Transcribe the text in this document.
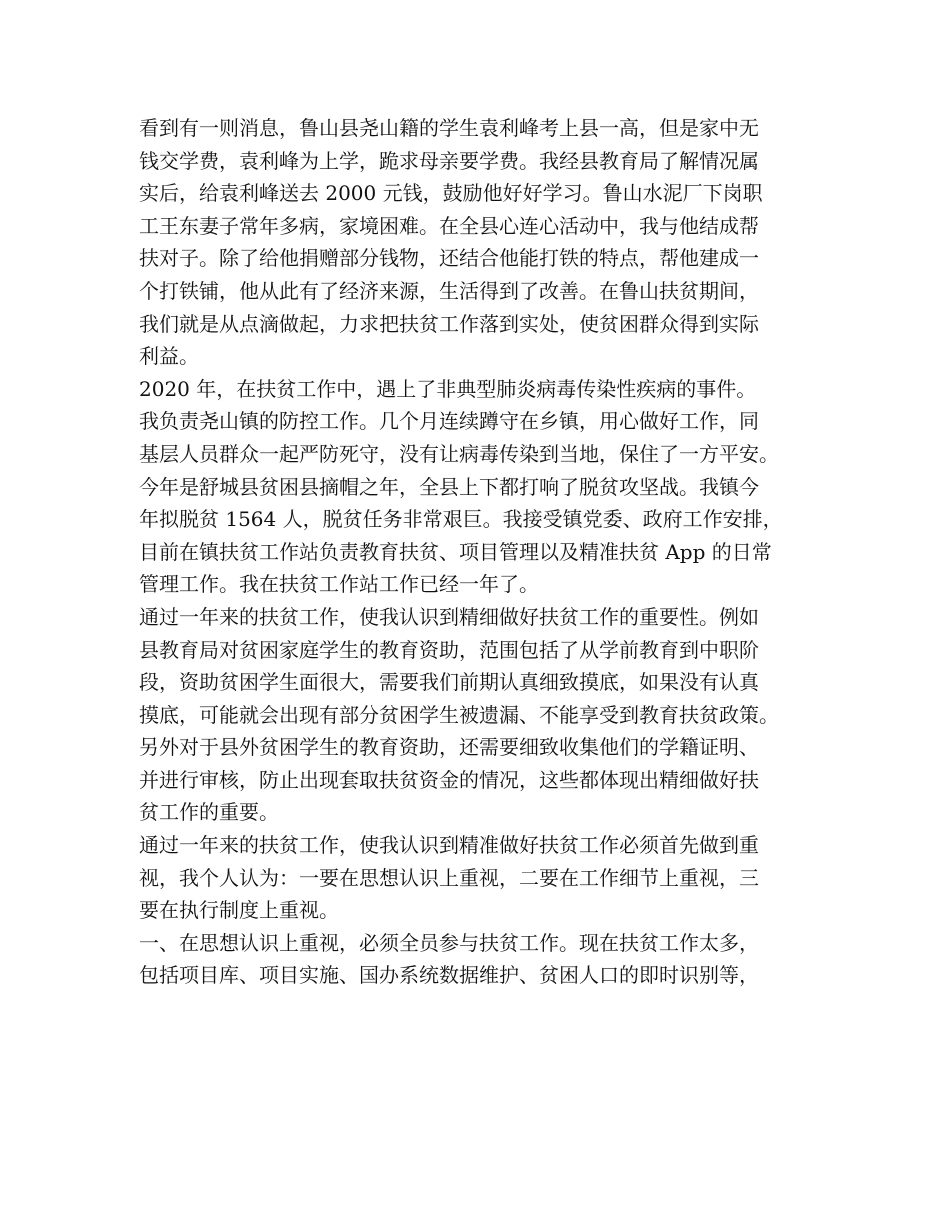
看到有一则消息，鲁山县尧山籍的学生袁利峰考上县一高，但是家中无
钱交学费，袁利峰为上学，跪求母亲要学费。我经县教育局了解情况属
实后，给袁利峰送去 2000 元钱，鼓励他好好学习。鲁山水泥厂下岗职
工王东妻子常年多病，家境困难。在全县心连心活动中，我与他结成帮
扶对子。除了给他捐赠部分钱物，还结合他能打铁的特点，帮他建成一
个打铁铺，他从此有了经济来源，生活得到了改善。在鲁山扶贫期间，
我们就是从点滴做起，力求把扶贫工作落到实处，使贫困群众得到实际
利益。
2020 年，在扶贫工作中，遇上了非典型肺炎病毒传染性疾病的事件。
我负责尧山镇的防控工作。几个月连续蹲守在乡镇，用心做好工作，同
基层人员群众一起严防死守，没有让病毒传染到当地，保住了一方平安。
今年是舒城县贫困县摘帽之年，全县上下都打响了脱贫攻坚战。我镇今
年拟脱贫 1564 人，脱贫任务非常艰巨。我接受镇党委、政府工作安排，
目前在镇扶贫工作站负责教育扶贫、项目管理以及精准扶贫 App 的日常
管理工作。我在扶贫工作站工作已经一年了。
通过一年来的扶贫工作，使我认识到精细做好扶贫工作的重要性。例如
县教育局对贫困家庭学生的教育资助，范围包括了从学前教育到中职阶
段，资助贫困学生面很大，需要我们前期认真细致摸底，如果没有认真
摸底，可能就会出现有部分贫困学生被遗漏、不能享受到教育扶贫政策。
另外对于县外贫困学生的教育资助，还需要细致收集他们的学籍证明、
并进行审核，防止出现套取扶贫资金的情况，这些都体现出精细做好扶
贫工作的重要。
通过一年来的扶贫工作，使我认识到精准做好扶贫工作必须首先做到重
视，我个人认为：一要在思想认识上重视，二要在工作细节上重视，三
要在执行制度上重视。
一、在思想认识上重视，必须全员参与扶贫工作。现在扶贫工作太多，
包括项目库、项目实施、国办系统数据维护、贫困人口的即时识别等，
